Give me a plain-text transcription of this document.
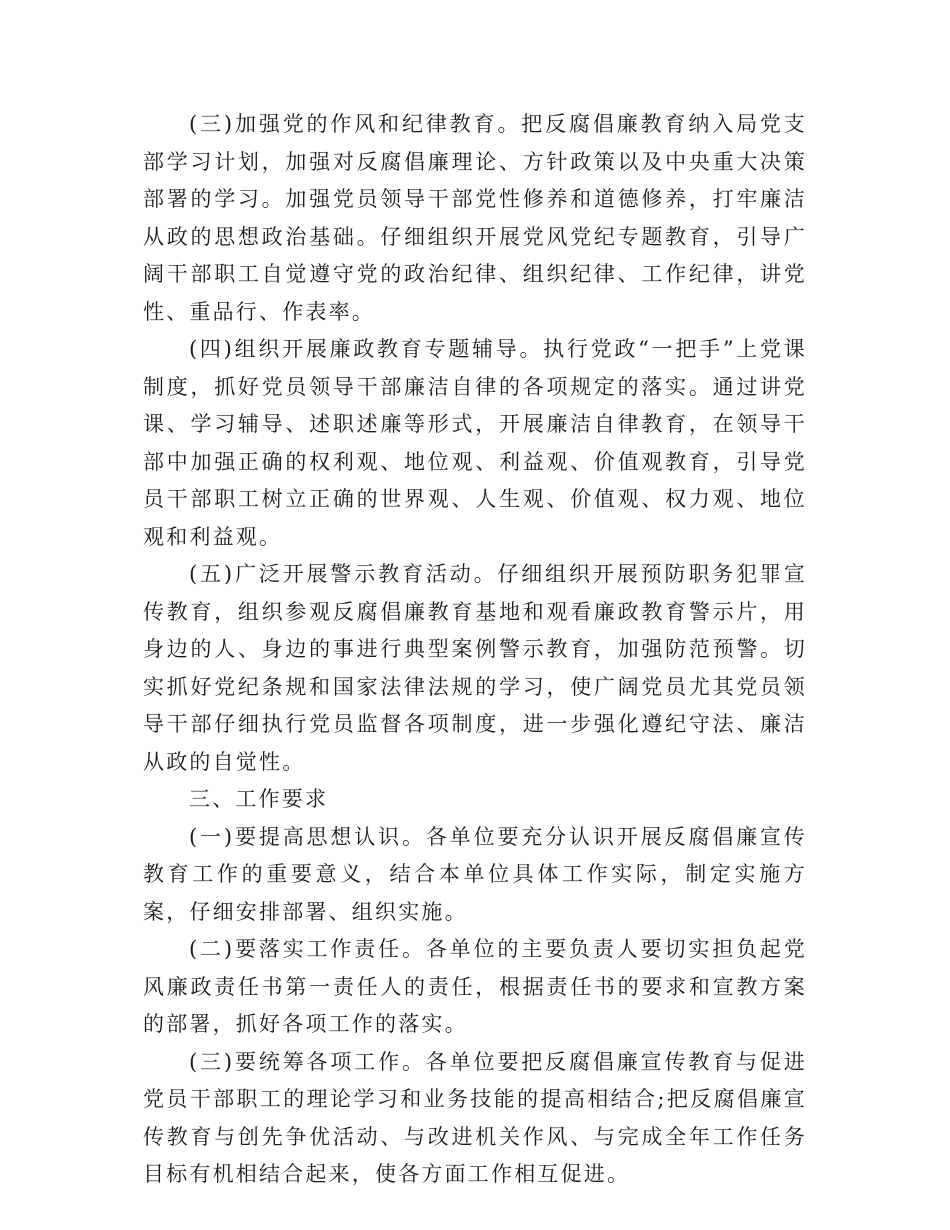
(三)加强党的作风和纪律教育。把反腐倡廉教育纳入局党支部学习计划，加强对反腐倡廉理论、方针政策以及中央重大决策部署的学习。加强党员领导干部党性修养和道德修养，打牢廉洁从政的思想政治基础。仔细组织开展党风党纪专题教育，引导广阔干部职工自觉遵守党的政治纪律、组织纪律、工作纪律，讲党性、重品行、作表率。

(四)组织开展廉政教育专题辅导。执行党政“一把手”上党课制度，抓好党员领导干部廉洁自律的各项规定的落实。通过讲党课、学习辅导、述职述廉等形式，开展廉洁自律教育，在领导干部中加强正确的权利观、地位观、利益观、价值观教育，引导党员干部职工树立正确的世界观、人生观、价值观、权力观、地位观和利益观。

(五)广泛开展警示教育活动。仔细组织开展预防职务犯罪宣传教育，组织参观反腐倡廉教育基地和观看廉政教育警示片，用身边的人、身边的事进行典型案例警示教育，加强防范预警。切实抓好党纪条规和国家法律法规的学习，使广阔党员尤其党员领导干部仔细执行党员监督各项制度，进一步强化遵纪守法、廉洁从政的自觉性。

三、工作要求

(一)要提高思想认识。各单位要充分认识开展反腐倡廉宣传教育工作的重要意义，结合本单位具体工作实际，制定实施方案，仔细安排部署、组织实施。

(二)要落实工作责任。各单位的主要负责人要切实担负起党风廉政责任书第一责任人的责任，根据责任书的要求和宣教方案的部署，抓好各项工作的落实。

(三)要统筹各项工作。各单位要把反腐倡廉宣传教育与促进党员干部职工的理论学习和业务技能的提高相结合;把反腐倡廉宣传教育与创先争优活动、与改进机关作风、与完成全年工作任务目标有机相结合起来，使各方面工作相互促进。
